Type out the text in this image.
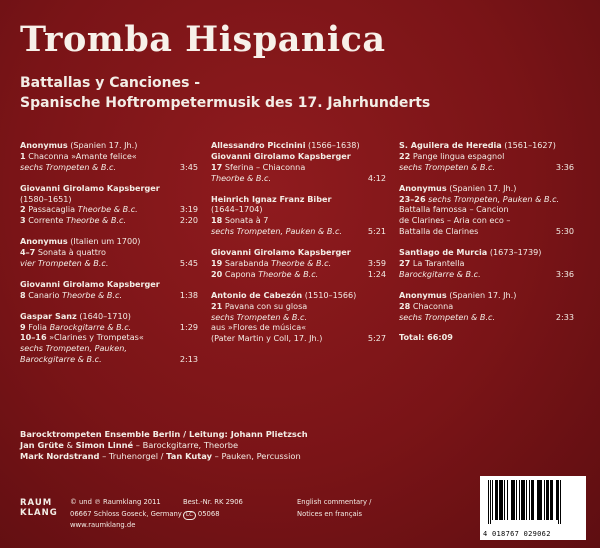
Tromba Hispanica
Battallas y Canciones -
Spanische Hoftrompetermusik des 17. Jahrhunderts
Anonymus (Spanien 17. Jh.)
1 Chaconna »Amante felice«
sechs Trompeten & B.c.	3:45
Giovanni Girolamo Kapsberger
(1580–1651)
2 Passacaglia Theorbe & B.c.	3:19
3 Corrente Theorbe & B.c.	2:20
Anonymus (Italien um 1700)
4–7 Sonata à quattro
vier Trompeten & B.c.	5:45
Giovanni Girolamo Kapsberger
8 Canario Theorbe & B.c.	1:38
Gaspar Sanz (1640–1710)
9 Folia Barockgitarre & B.c.	1:29
10–16 »Clarines y Trompetas«
sechs Trompeten, Pauken,
Barockgitarre & B.c.	2:13
Allessandro Piccinini (1566–1638)
Giovanni Girolamo Kapsberger
17 Sferina – Chiaconna
Theorbe & B.c.	4:12
Heinrich Ignaz Franz Biber
(1644–1704)
18 Sonata à 7
sechs Trompeten, Pauken & B.c.	5:21
Giovanni Girolamo Kapsberger
19 Sarabanda Theorbe & B.c.	3:59
20 Capona Theorbe & B.c.	1:24
Antonio de Cabezón (1510–1566)
21 Pavana con su glosa
sechs Trompeten & B.c.
aus »Flores de música«
(Pater Martin y Coll, 17. Jh.)	5:27
S. Aguilera de Heredia (1561–1627)
22 Pange lingua espagnol
sechs Trompeten & B.c.	3:36
Anonymus (Spanien 17. Jh.)
23–26 sechs Trompeten, Pauken & B.c.
Battalla famossa – Cancion
de Clarines – Aria con eco –
Battalla de Clarines	5:30
Santiago de Murcia (1673–1739)
27 La Tarantella
Barockgitarre & B.c.	3:36
Anonymus (Spanien 17. Jh.)
28 Chaconna
sechs Trompeten & B.c.	2:33
Total: 66:09
Barocktrompeten Ensemble Berlin / Leitung: Johann Plietzsch
Jan Grüte & Simon Linné – Barockgitarre, Theorbe
Mark Nordstrand – Truhenorgel / Tan Kutay – Pauken, Percussion
RAUM
KLANG
© und ℗ Raumklang 2011
06667 Schloss Goseck, Germany
www.raumklang.de
Best.-Nr. RK 2906
LC 05068
English commentary /
Notices en français
4 018767 029062
